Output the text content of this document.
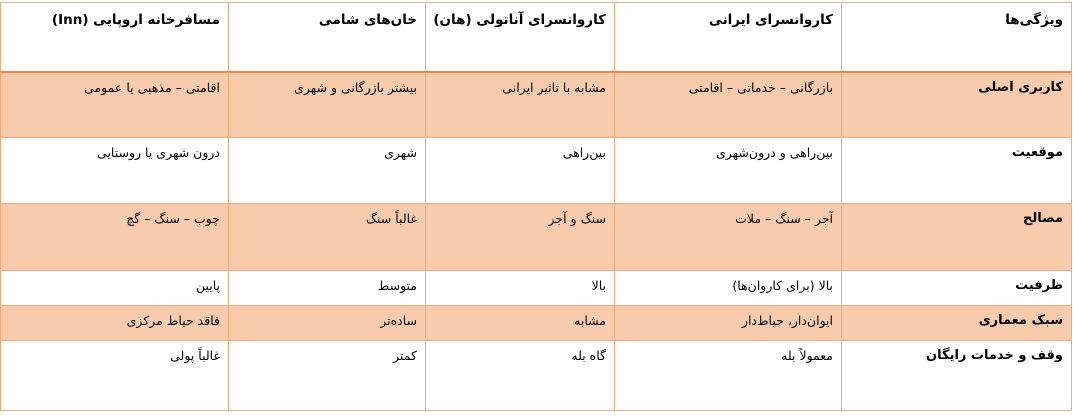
ویژگی‌ها	کاروانسرای ایرانی	کاروانسرای آناتولی (هان)	خان‌های شامی	مسافرخانه اروپایی (Inn)
کاربری اصلی	بازرگانی – خدماتی – اقامتی	مشابه با تاثیر ایرانی	بیشتر بازرگانی و شهری	اقامتی – مذهبی یا عمومی
موقعیت	بین‌راهی و درون‌شهری	بین‌راهی	شهری	درون شهری یا روستایی
مصالح	آجر – سنگ – ملات	سنگ و آجر	غالباً سنگ	چوب – سنگ – گچ
ظرفیت	بالا (برای کاروان‌ها)	بالا	متوسط	پایین
سبک معماری	ایوان‌دار، حیاط‌دار	مشابه	ساده‌تر	فاقد حیاط مرکزی
وقف و خدمات رایگان	معمولاً بله	گاه بله	کمتر	غالباً پولی
